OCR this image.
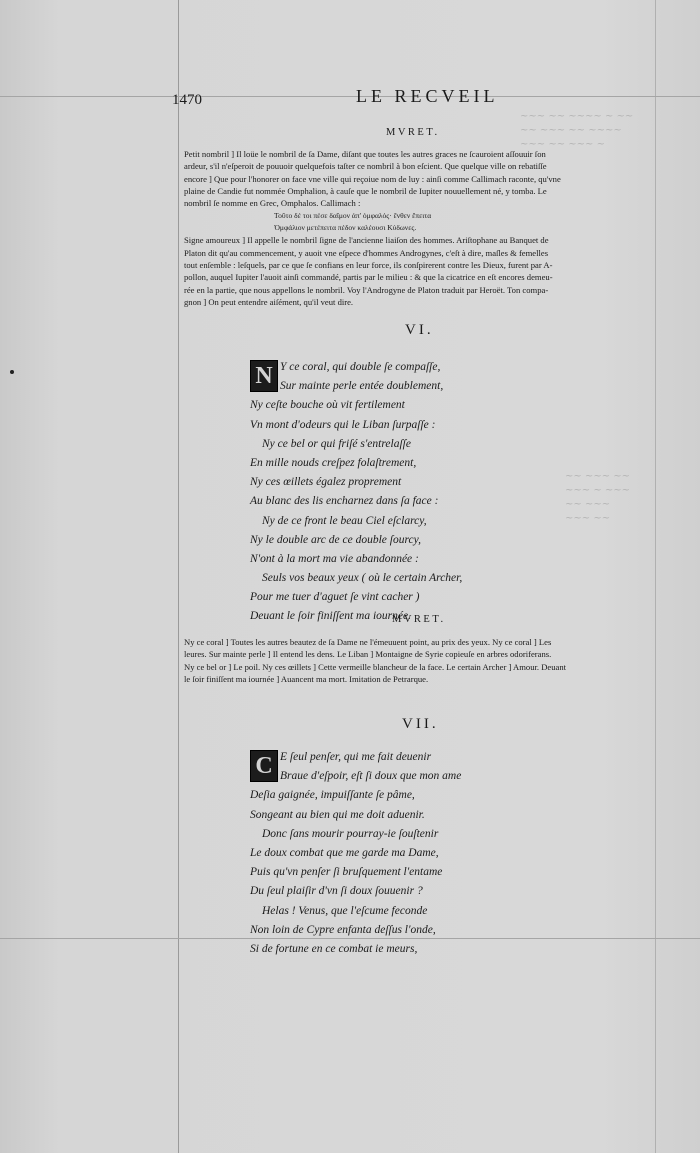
~~~ ~~ ~~~~ ~ ~~
~~ ~~~ ~~ ~~~~
~~~ ~~ ~~~ ~
~~ ~~~ ~~
~~~ ~ ~~~
~~ ~~~
~~~ ~~
1470	LE RECVEIL
MVRET.
Petit nombril ] Il loüe le nombril de ſa Dame, diſant que toutes les autres graces ne ſcauroient aſſouuir ſon
ardeur, s'il n'eſperoit de pouuoir quelquefois taſter ce nombril à bon eſcient. Que quelque ville on rebatiſſe
encore ] Que pour l'honorer on face vne ville qui reçoiue nom de luy : ainſi comme Callimach raconte, qu'vne
plaine de Candie fut nommée Omphalion, à cauſe que le nombril de Iupiter nouuellement né, y tomba. Le
nombril ſe nomme en Grec, Omphalos. Callimach :
Τοῦτο δέ τοι πέσε δαῖμον ἀπ' ὀμφαλός· ἔνθεν ἔπειτα
Ὀμφάλιον μετέπειτα πέδον καλέουσι Κύδωνες.
Signe amoureux ] Il appelle le nombril ſigne de l'ancienne liaiſon des hommes. Ariſtophane au Banquet de
Platon dit qu'au commencement, y auoit vne eſpece d'hommes Androgynes, c'eſt à dire, maſles & femelles
tout enſemble : leſquels, par ce que ſe confians en leur force, ils conſpirerent contre les Dieux, furent par A-
pollon, auquel Iupiter l'auoit ainſi commandé, partis par le milieu : & que la cicatrice en eſt encores demeu-
rée en la partie, que nous appellons le nombril. Voy l'Androgyne de Platon traduit par Heroët. Ton compa-
gnon ] On peut entendre aiſément, qu'il veut dire.
VI.
N Y ce coral, qui double ſe compaſſe,
Sur mainte perle entée doublement,
Ny ceſte bouche où vit fertilement
Vn mont d'odeurs qui le Liban ſurpaſſe :
Ny ce bel or qui friſé s'entrelaſſe
En mille nouds creſpez folaſtrement,
Ny ces œillets égalez proprement
Au blanc des lis encharnez dans ſa face :
Ny de ce front le beau Ciel eſclarcy,
Ny le double arc de ce double ſourcy,
N'ont à la mort ma vie abandonnée :
Seuls vos beaux yeux ( où le certain Archer,
Pour me tuer d'aguet ſe vint cacher )
Deuant le ſoir finiſſent ma iournée.
MVRET.
Ny ce coral ] Toutes les autres beautez de ſa Dame ne l'émeuuent point, au prix des yeux. Ny ce coral ] Les
leures. Sur mainte perle ] Il entend les dens. Le Liban ] Montaigne de Syrie copieuſe en arbres odoriferans.
Ny ce bel or ] Le poil. Ny ces œillets ] Cette vermeille blancheur de la face. Le certain Archer ] Amour. Deuant
le ſoir finiſſent ma iournée ] Auancent ma mort. Imitation de Petrarque.
VII.
C E ſeul penſer, qui me fait deuenir
Braue d'eſpoir, eſt ſi doux que mon ame
Deſia gaignée, impuiſſante ſe pâme,
Songeant au bien qui me doit aduenir.
Donc ſans mourir pourray-ie ſouſtenir
Le doux combat que me garde ma Dame,
Puis qu'vn penſer ſi bruſquement l'entame
Du ſeul plaiſir d'vn ſi doux ſouuenir ?
Helas ! Venus, que l'eſcume feconde
Non loin de Cypre enfanta deſſus l'onde,
Si de fortune en ce combat ie meurs,
